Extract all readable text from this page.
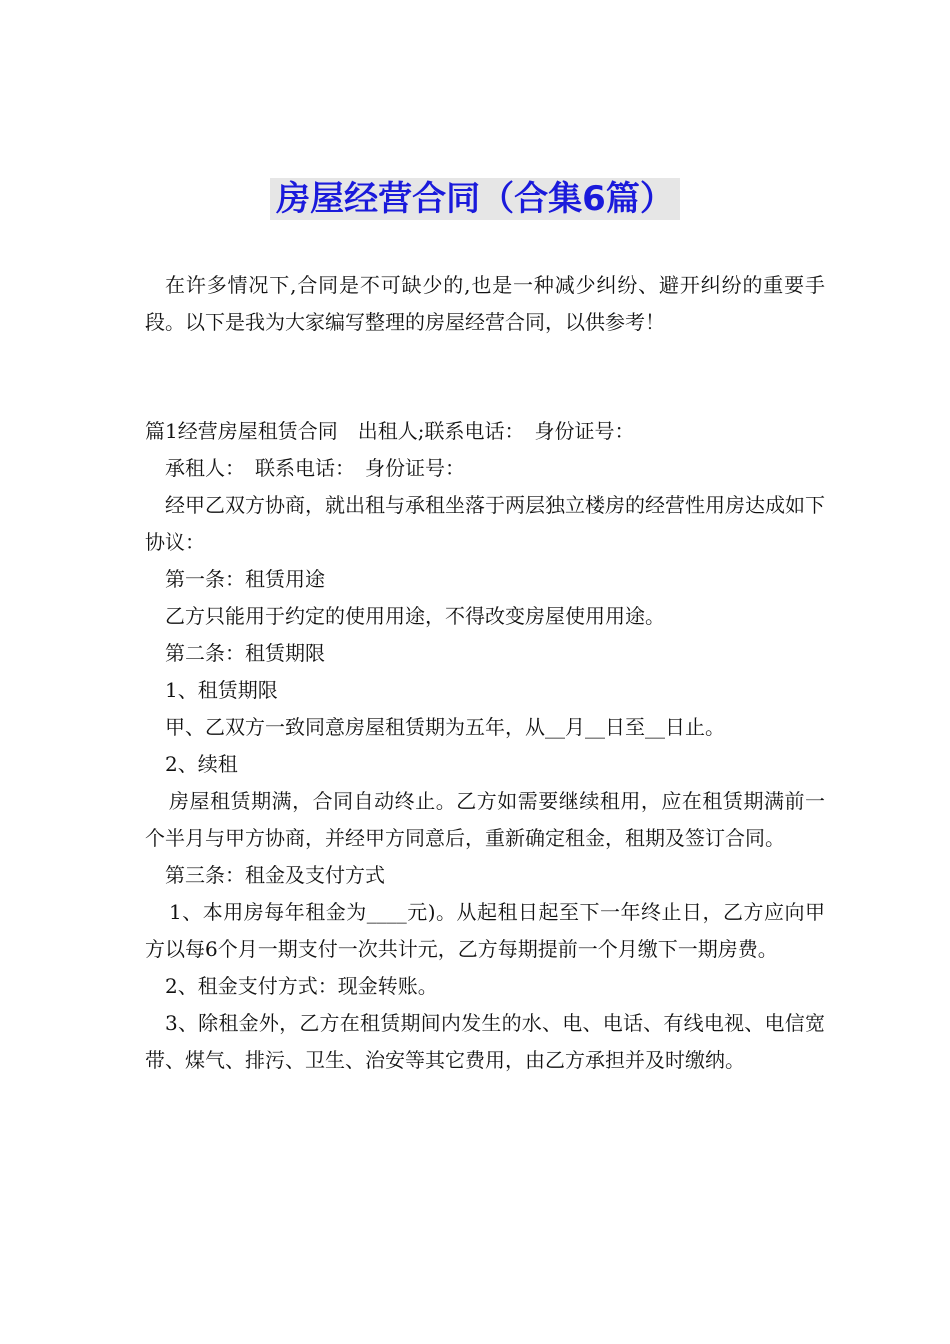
房屋经营合同（合集6篇）

在许多情况下,合同是不可缺少的,也是一种减少纠纷、避开纠纷的重要手段。以下是我为大家编写整理的房屋经营合同，以供参考！

篇1经营房屋租赁合同　出租人;联系电话：　身份证号：

承租人：　联系电话：　身份证号：

经甲乙双方协商，就出租与承租坐落于两层独立楼房的经营性用房达成如下协议：

第一条：租赁用途

乙方只能用于约定的使用用途，不得改变房屋使用用途。

第二条：租赁期限

1、租赁期限

甲、乙双方一致同意房屋租赁期为五年，从__月__日至__日止。

2、续租

房屋租赁期满，合同自动终止。乙方如需要继续租用，应在租赁期满前一个半月与甲方协商，并经甲方同意后，重新确定租金，租期及签订合同。

第三条：租金及支付方式

1、本用房每年租金为____元)。从起租日起至下一年终止日，乙方应向甲方以每6个月一期支付一次共计元，乙方每期提前一个月缴下一期房费。

2、租金支付方式：现金转账。

3、除租金外，乙方在租赁期间内发生的水、电、电话、有线电视、电信宽带、煤气、排污、卫生、治安等其它费用，由乙方承担并及时缴纳。
